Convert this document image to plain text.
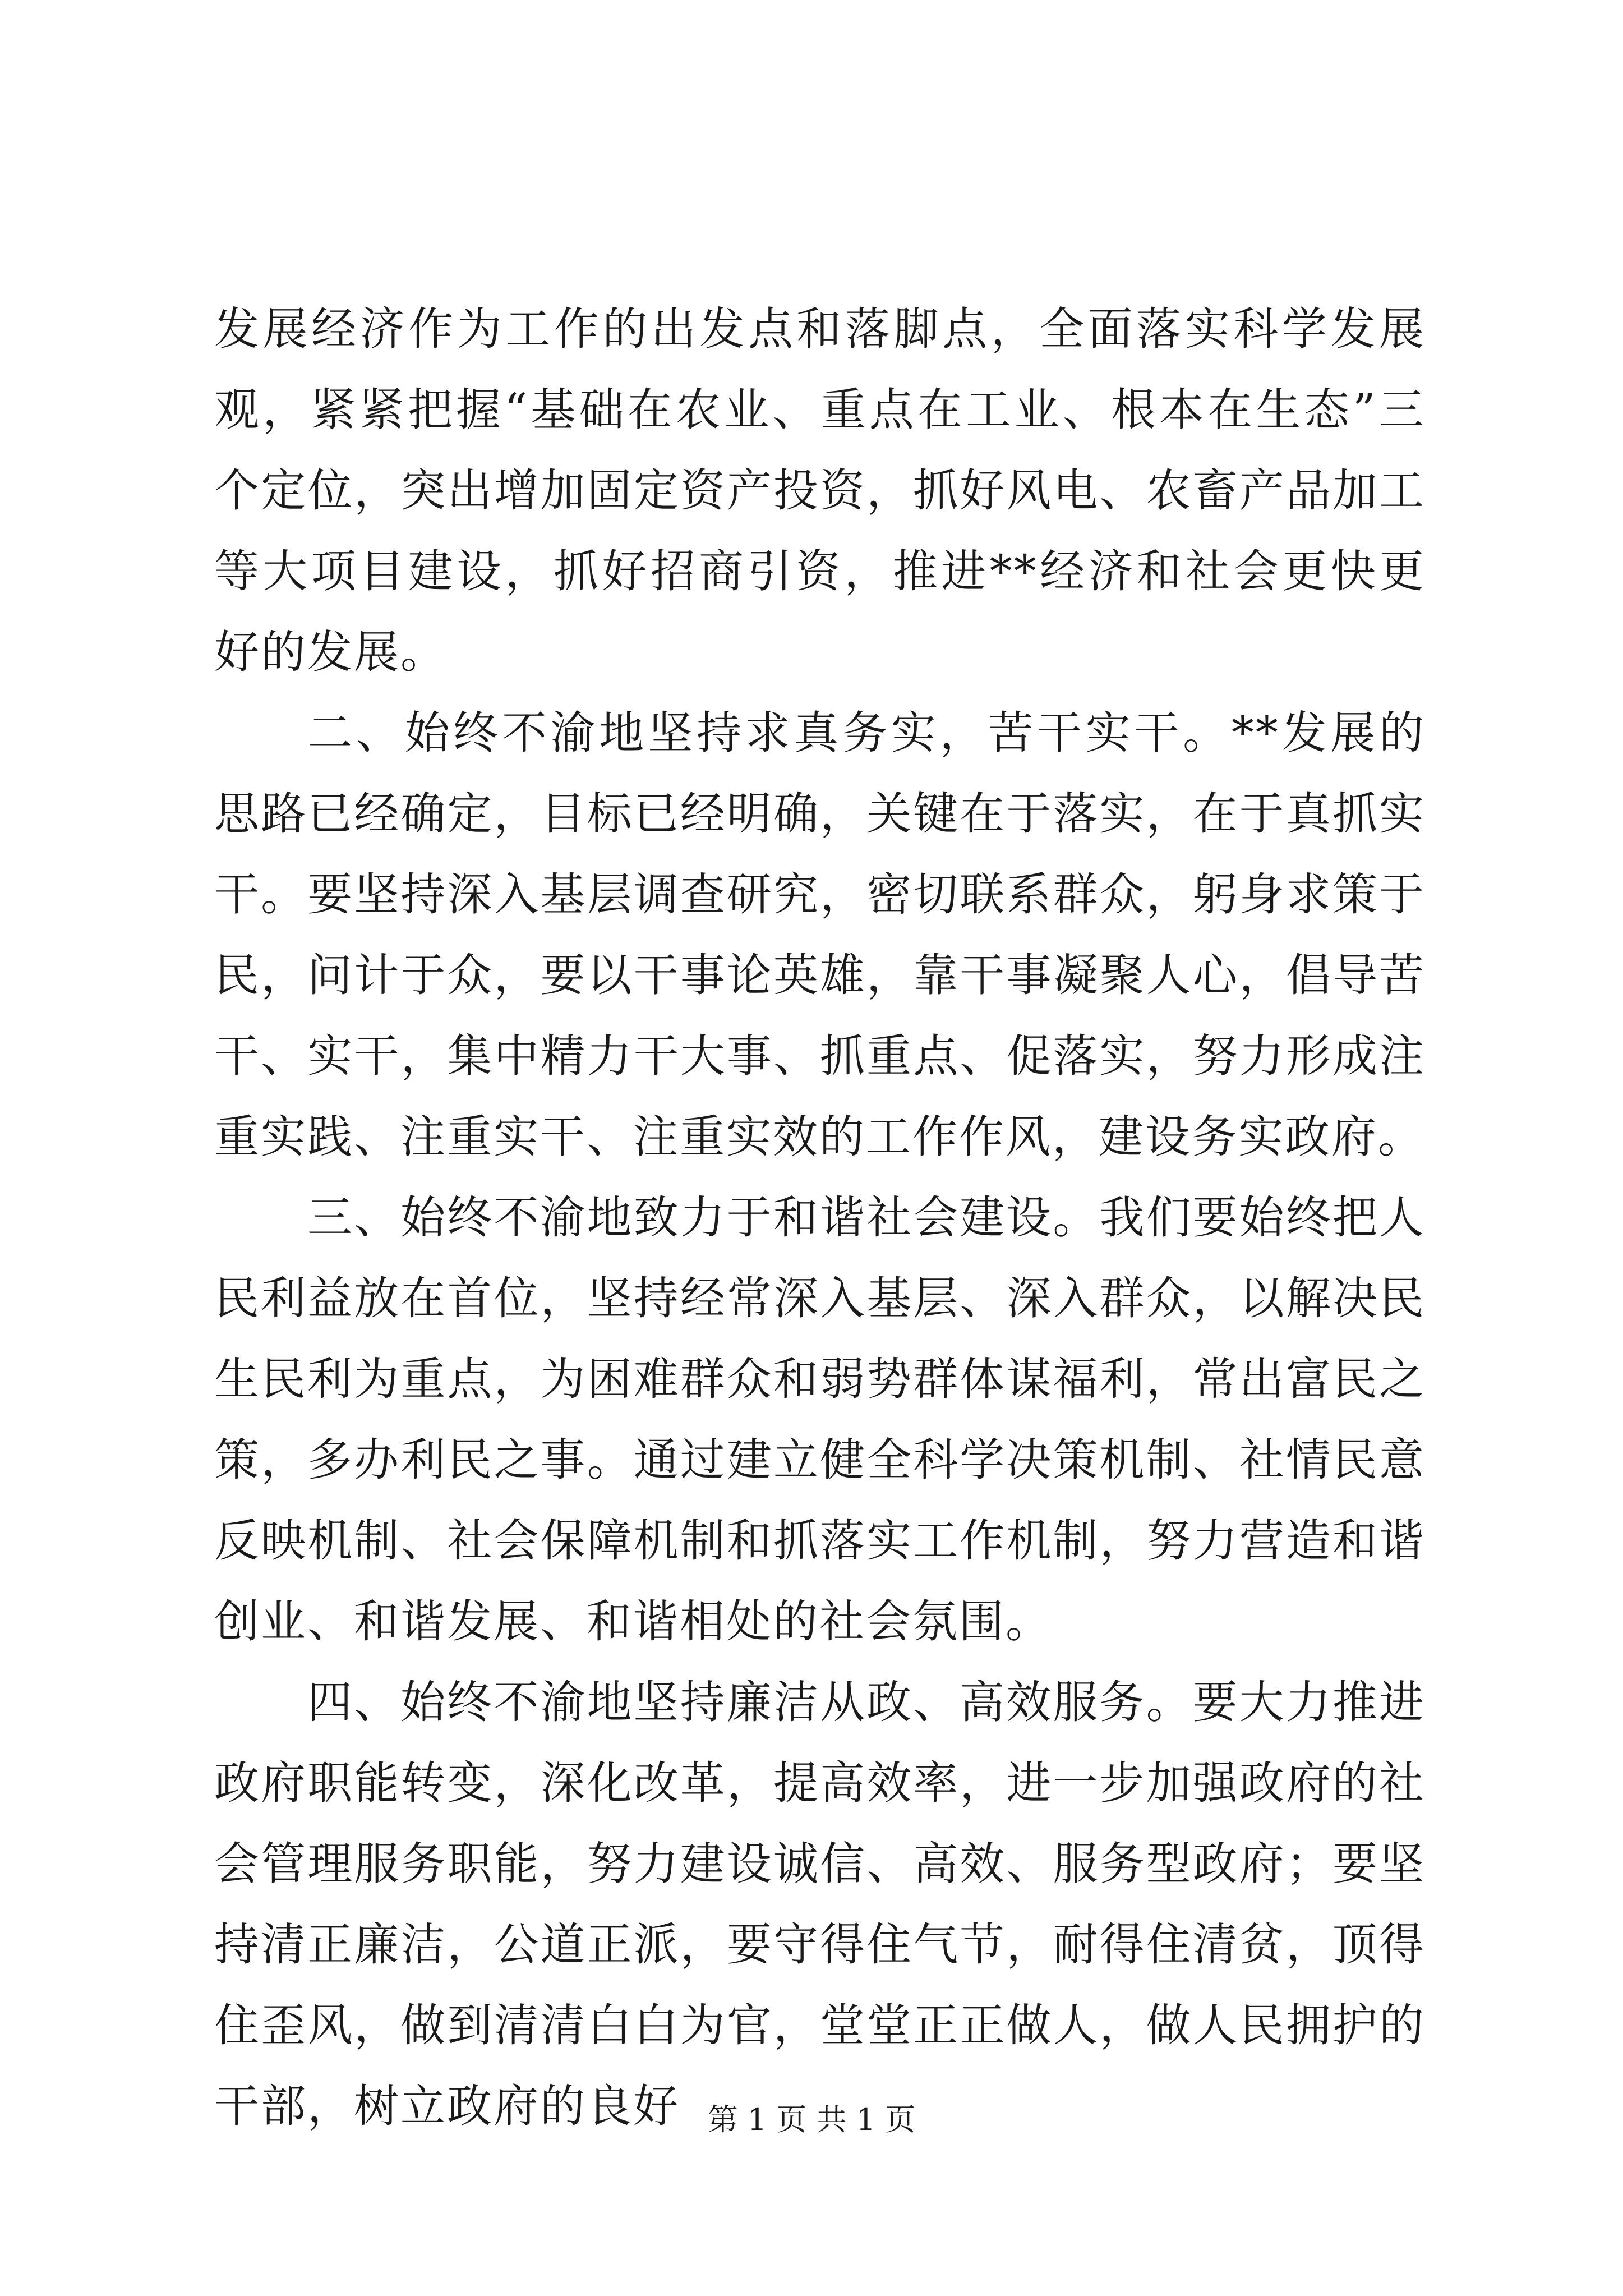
发展经济作为工作的出发点和落脚点，全面落实科学发展观，紧紧把握“基础在农业、重点在工业、根本在生态”三个定位，突出增加固定资产投资，抓好风电、农畜产品加工等大项目建设，抓好招商引资，推进**经济和社会更快更好的发展。

二、始终不渝地坚持求真务实，苦干实干。**发展的思路已经确定，目标已经明确，关键在于落实，在于真抓实干。要坚持深入基层调查研究，密切联系群众，躬身求策于民，问计于众，要以干事论英雄，靠干事凝聚人心，倡导苦干、实干，集中精力干大事、抓重点、促落实，努力形成注重实践、注重实干、注重实效的工作作风，建设务实政府。

三、始终不渝地致力于和谐社会建设。我们要始终把人民利益放在首位，坚持经常深入基层、深入群众，以解决民生民利为重点，为困难群众和弱势群体谋福利，常出富民之策，多办利民之事。通过建立健全科学决策机制、社情民意反映机制、社会保障机制和抓落实工作机制，努力营造和谐创业、和谐发展、和谐相处的社会氛围。

四、始终不渝地坚持廉洁从政、高效服务。要大力推进政府职能转变，深化改革，提高效率，进一步加强政府的社会管理服务职能，努力建设诚信、高效、服务型政府；要坚持清正廉洁，公道正派，要守得住气节，耐得住清贫，顶得住歪风，做到清清白白为官，堂堂正正做人，做人民拥护的干部，树立政府的良好 第 1 页 共 1 页
